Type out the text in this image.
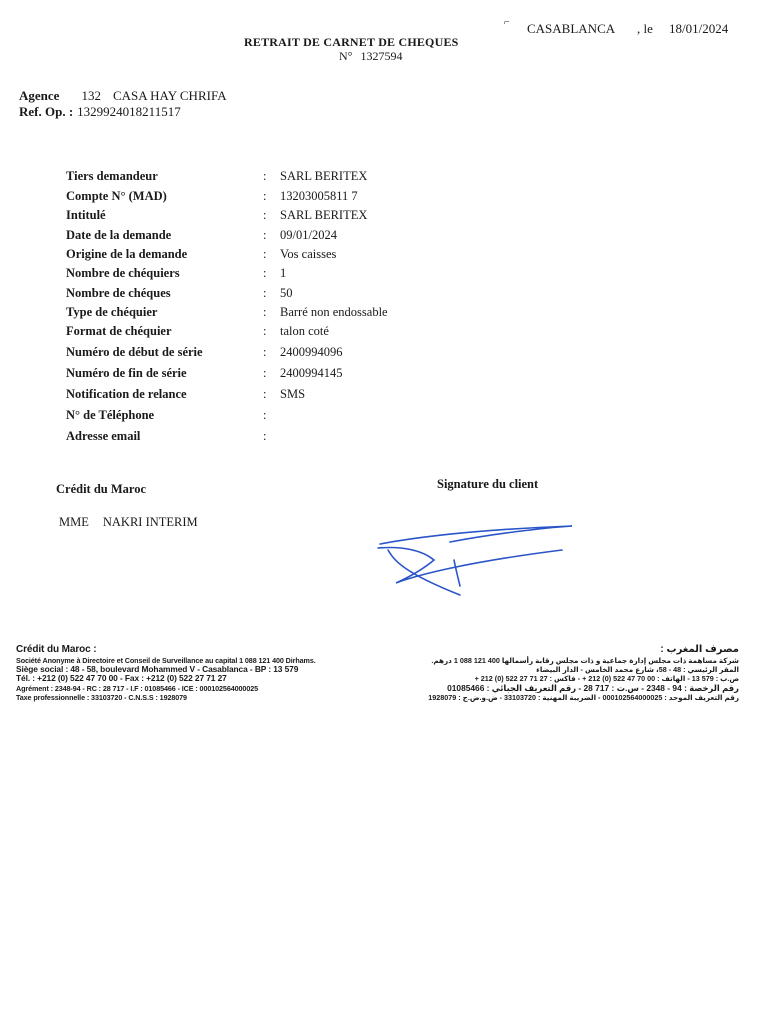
⌐ CASABLANCA , le 18/01/2024
RETRAIT DE CARNET DE CHEQUES
N° 1327594
Agence 132 CASA HAY CHRIFA
Ref. Op. : 1329924018211517
Tiers demandeur	: SARL BERITEX
Compte N° (MAD)	: 13203005811 7
Intitulé	: SARL BERITEX
Date de la demande	: 09/01/2024
Origine de la demande	: Vos caisses
Nombre de chéquiers	: 1
Nombre de chéques	: 50
Type de chéquier	: Barré non endossable
Format de chéquier	: talon coté
Numéro de début de série	: 2400994096
Numéro de fin de série	: 2400994145
Notification de relance	: SMS
N° de Téléphone	:
Adresse email	:
Crédit du Maroc	Signature du client
MME NAKRI INTERIM
Crédit du Maroc :
Société Anonyme à Directoire et Conseil de Surveillance au capital 1 088 121 400 Dirhams.
Siège social : 48 - 58, boulevard Mohammed V - Casablanca - BP : 13 579
Tél. : +212 (0) 522 47 70 00 - Fax : +212 (0) 522 27 71 27
Agrément : 2348-94 - RC : 28 717 - I.F : 01085466 - ICE : 000102564000025
Taxe professionnelle : 33103720 - C.N.S.S : 1928079
مصرف المغرب :
شركة مساهمة ذات مجلس إدارة جماعية و ذات مجلس رقابة رأسمالها 400 121 088 1 درهم.
المقر الرئيسي : 48 - 58، شارع محمد الخامس - الدار البيضاء
ص.ب : 579 13 - الهاتف : 00 70 47 522 (0) 212 + - فاكس : 27 71 27 522 (0) 212 +
رقم الرخصة : 94 - 2348 - س.ت : 717 28 - رقم التعريف الجبائي : 01085466
رقم التعريف الموحد : 000102564000025 - الضريبة المهنية : 33103720 - ض.و.ض.ج : 1928079
